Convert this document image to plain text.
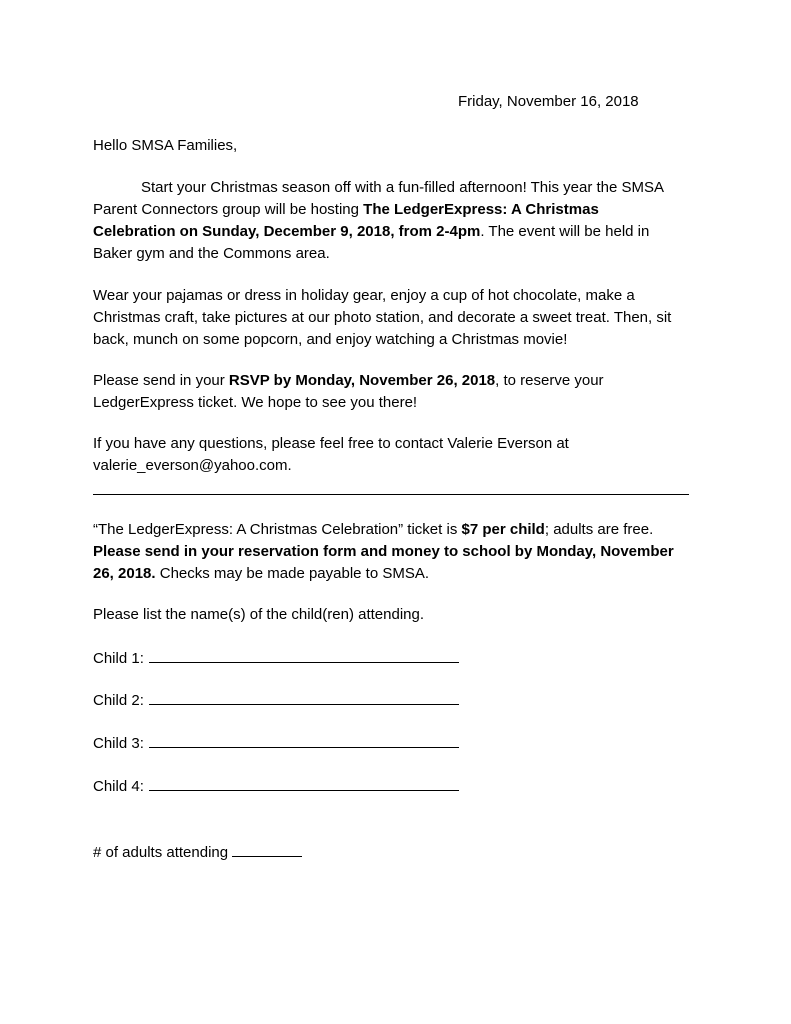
Friday, November 16, 2018
Hello SMSA Families,
Start your Christmas season off with a fun-filled afternoon! This year the SMSA
Parent Connectors group will be hosting The LedgerExpress: A Christmas
Celebration on Sunday, December 9, 2018, from 2-4pm. The event will be held in
Baker gym and the Commons area.
Wear your pajamas or dress in holiday gear, enjoy a cup of hot chocolate, make a
Christmas craft, take pictures at our photo station, and decorate a sweet treat. Then, sit
back, munch on some popcorn, and enjoy watching a Christmas movie!
Please send in your RSVP by Monday, November 26, 2018, to reserve your
LedgerExpress ticket. We hope to see you there!
If you have any questions, please feel free to contact Valerie Everson at
valerie_everson@yahoo.com.
“The LedgerExpress: A Christmas Celebration” ticket is $7 per child; adults are free.
Please send in your reservation form and money to school by Monday, November
26, 2018. Checks may be made payable to SMSA.
Please list the name(s) of the child(ren) attending.
Child 1:
Child 2:
Child 3:
Child 4:
# of adults attending
